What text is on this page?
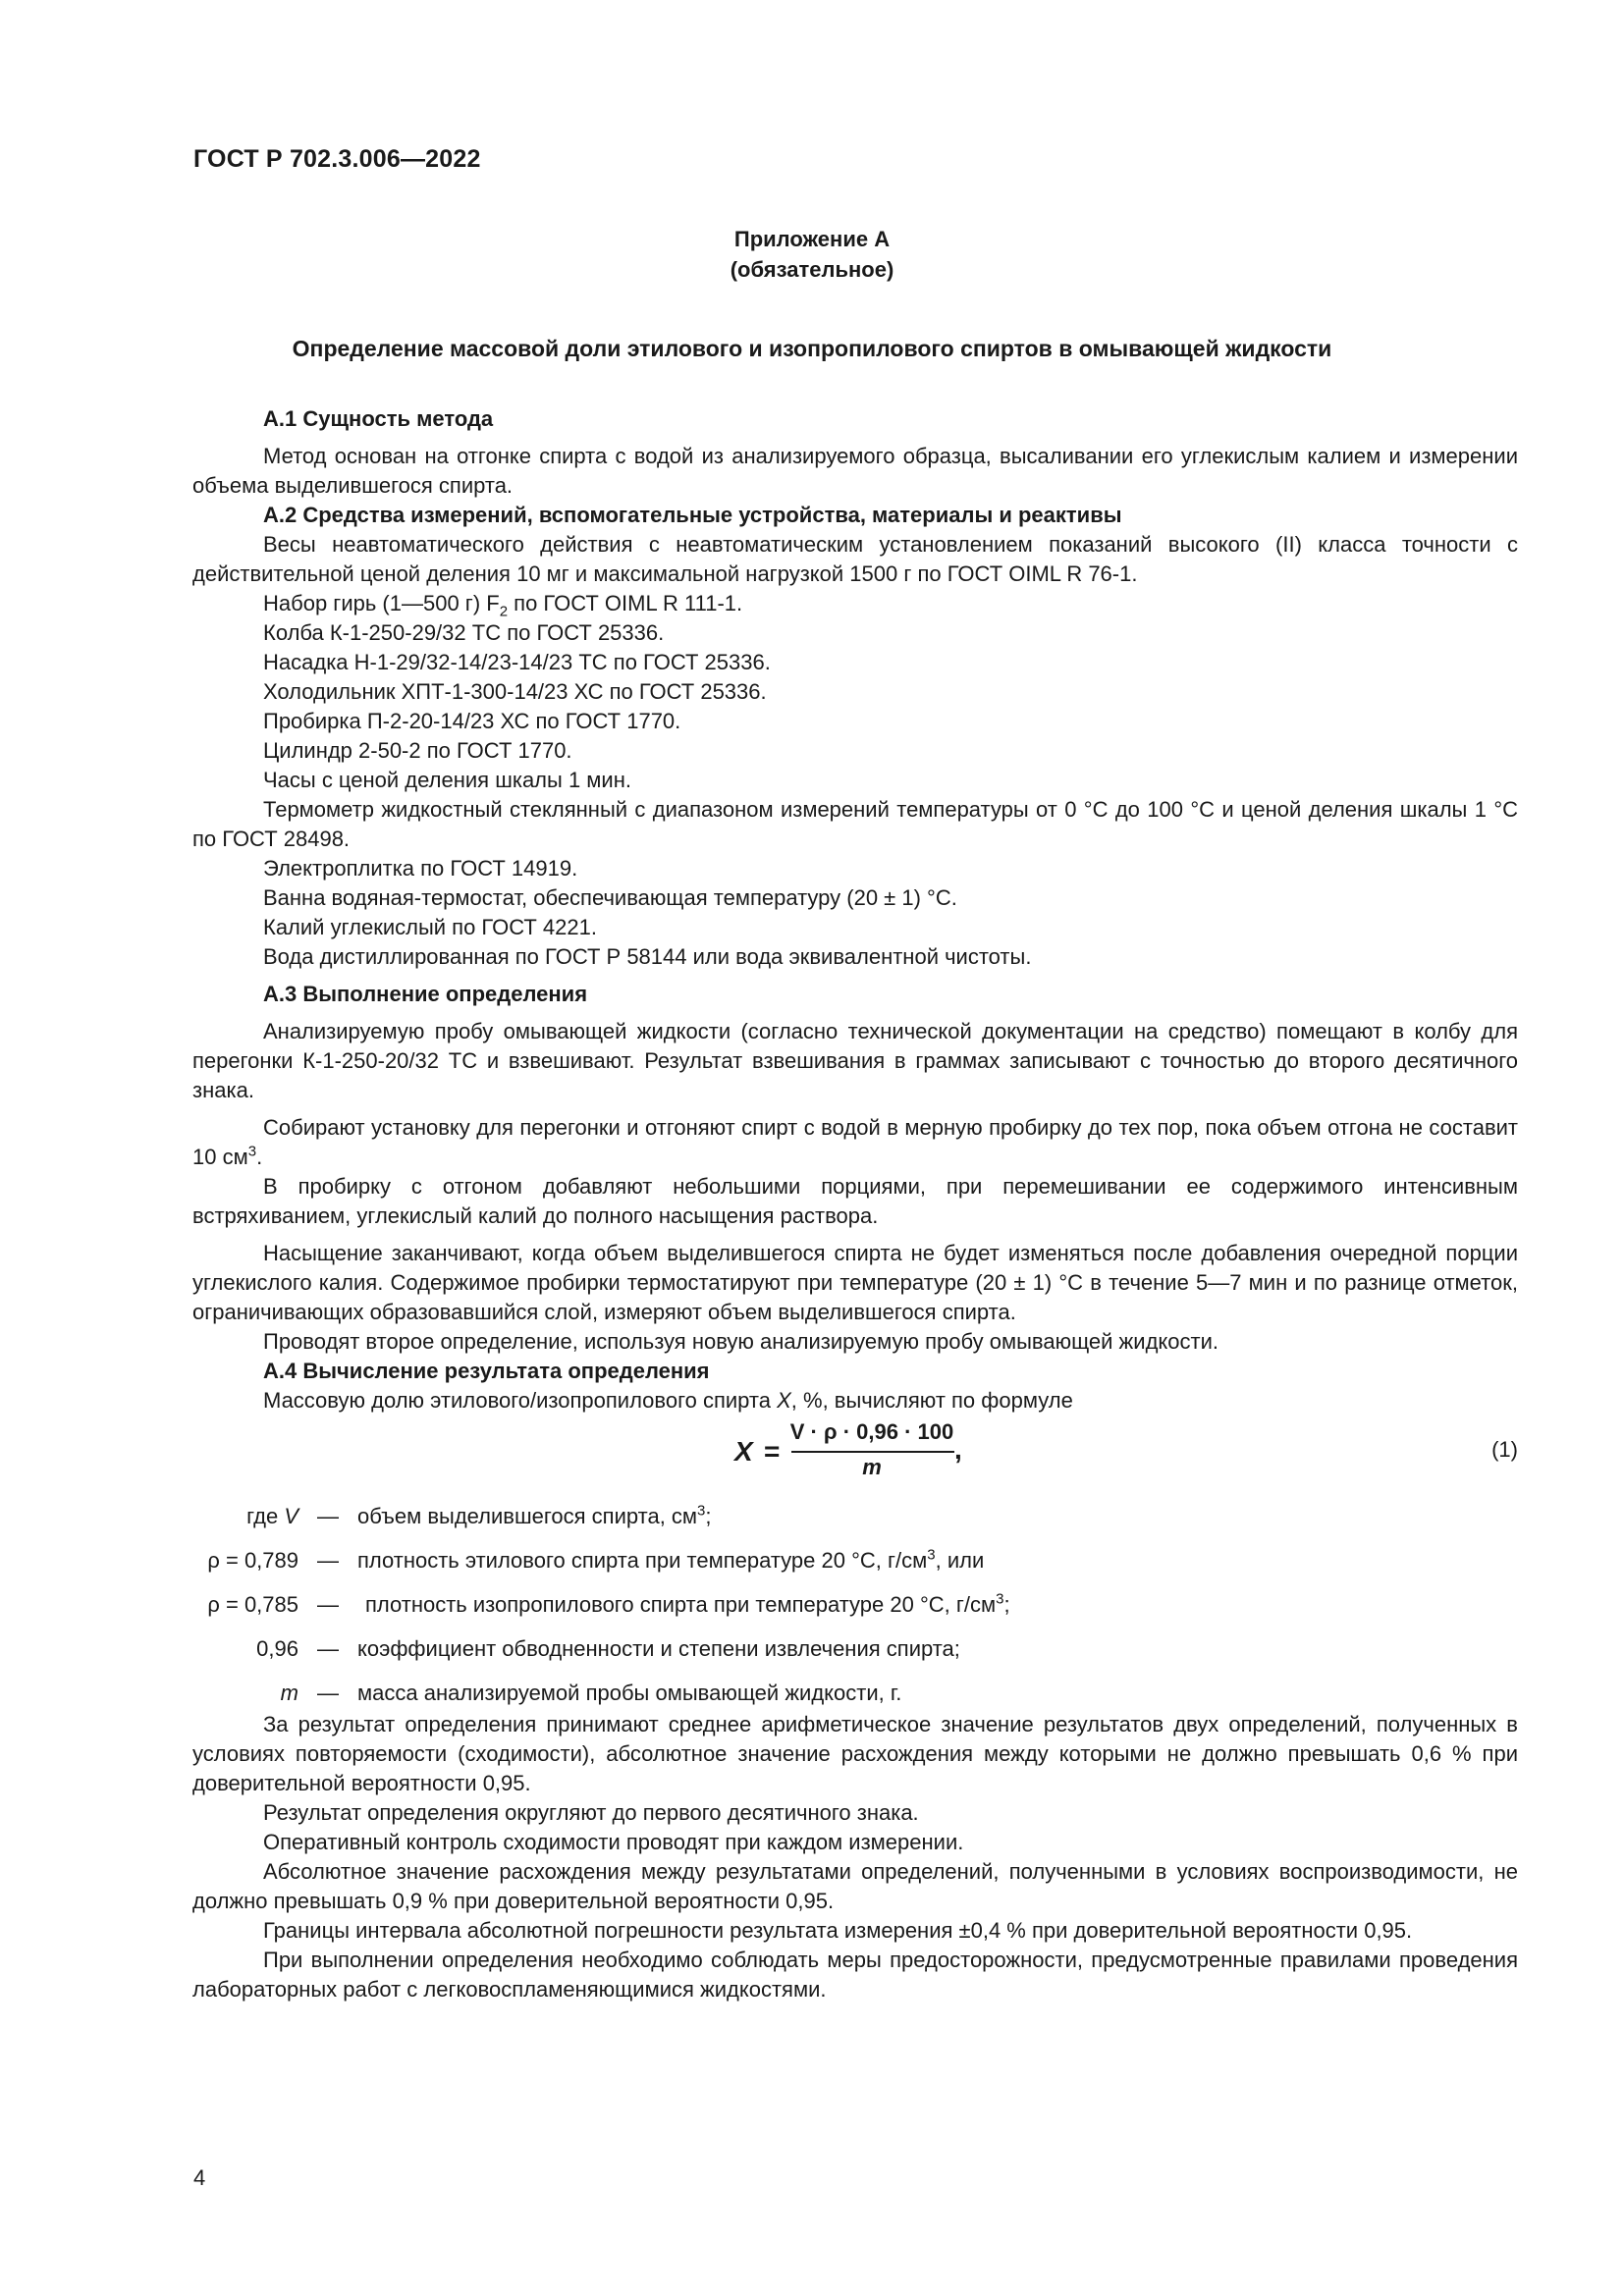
ГОСТ Р 702.3.006—2022
Приложение А
(обязательное)
Определение массовой доли этилового и изопропилового спиртов в омывающей жидкости

А.1 Сущность метода

Метод основан на отгонке спирта с водой из анализируемого образца, высаливании его углекислым калием и измерении объема выделившегося спирта.

А.2 Средства измерений, вспомогательные устройства, материалы и реактивы

Весы неавтоматического действия с неавтоматическим установлением показаний высокого (II) класса точности с действительной ценой деления 10 мг и максимальной нагрузкой 1500 г по ГОСТ OIML R 76-1.

Набор гирь (1—500 г) $F_2$ по ГОСТ OIML R 111-1.

Колба К-1-250-29/32 ТС по ГОСТ 25336.

Насадка Н-1-29/32-14/23-14/23 ТС по ГОСТ 25336.

Холодильник ХПТ-1-300-14/23 ХС по ГОСТ 25336.

Пробирка П-2-20-14/23 ХС по ГОСТ 1770.

Цилиндр 2-50-2 по ГОСТ 1770.

Часы с ценой деления шкалы 1 мин.

Термометр жидкостный стеклянный с диапазоном измерений температуры от 0 °С до 100 °С и ценой деления шкалы 1 °С по ГОСТ 28498.

Электроплитка по ГОСТ 14919.

Ванна водяная-термостат, обеспечивающая температуру (20 ± 1) °С.

Калий углекислый по ГОСТ 4221.

Вода дистиллированная по ГОСТ Р 58144 или вода эквивалентной чистоты.

А.3 Выполнение определения

Анализируемую пробу омывающей жидкости (согласно технической документации на средство) помещают в колбу для перегонки К-1-250-20/32 ТС и взвешивают. Результат взвешивания в граммах записывают с точностью до второго десятичного знака.

Собирают установку для перегонки и отгоняют спирт с водой в мерную пробирку до тех пор, пока объем отгона не составит 10 $см^3$.

В пробирку с отгоном добавляют небольшими порциями, при перемешивании ее содержимого интенсивным встряхиванием, углекислый калий до полного насыщения раствора.

Насыщение заканчивают, когда объем выделившегося спирта не будет изменяться после добавления очередной порции углекислого калия. Содержимое пробирки термостатируют при температуре (20 ± 1) °С в течение 5—7 мин и по разнице отметок, ограничивающих образовавшийся слой, измеряют объем выделившегося спирта.

Проводят второе определение, используя новую анализируемую пробу омывающей жидкости.

А.4 Вычисление результата определения

Массовую долю этилового/изопропилового спирта X, %, вычисляют по формуле

X =
V · ρ · 0,96 · 100
m
,	(1)
где V — объем выделившегося спирта, $см^3$;
ρ = 0,789 — плотность этилового спирта при температуре 20 °С, $г/см^3$, или
ρ = 0,785 —	плотность изопропилового спирта при температуре 20 °С, $г/см^3$;
0,96 — коэффициент обводненности и степени извлечения спирта;
m — масса анализируемой пробы омывающей жидкости, г.

За результат определения принимают среднее арифметическое значение результатов двух определений, полученных в условиях повторяемости (сходимости), абсолютное значение расхождения между которыми не должно превышать 0,6 % при доверительной вероятности 0,95.

Результат определения округляют до первого десятичного знака.

Оперативный контроль сходимости проводят при каждом измерении.

Абсолютное значение расхождения между результатами определений, полученными в условиях воспроизводимости, не должно превышать 0,9 % при доверительной вероятности 0,95.

Границы интервала абсолютной погрешности результата измерения ±0,4 % при доверительной вероятности 0,95.

При выполнении определения необходимо соблюдать меры предосторожности, предусмотренные правилами проведения лабораторных работ с легковоспламеняющимися жидкостями.

4
